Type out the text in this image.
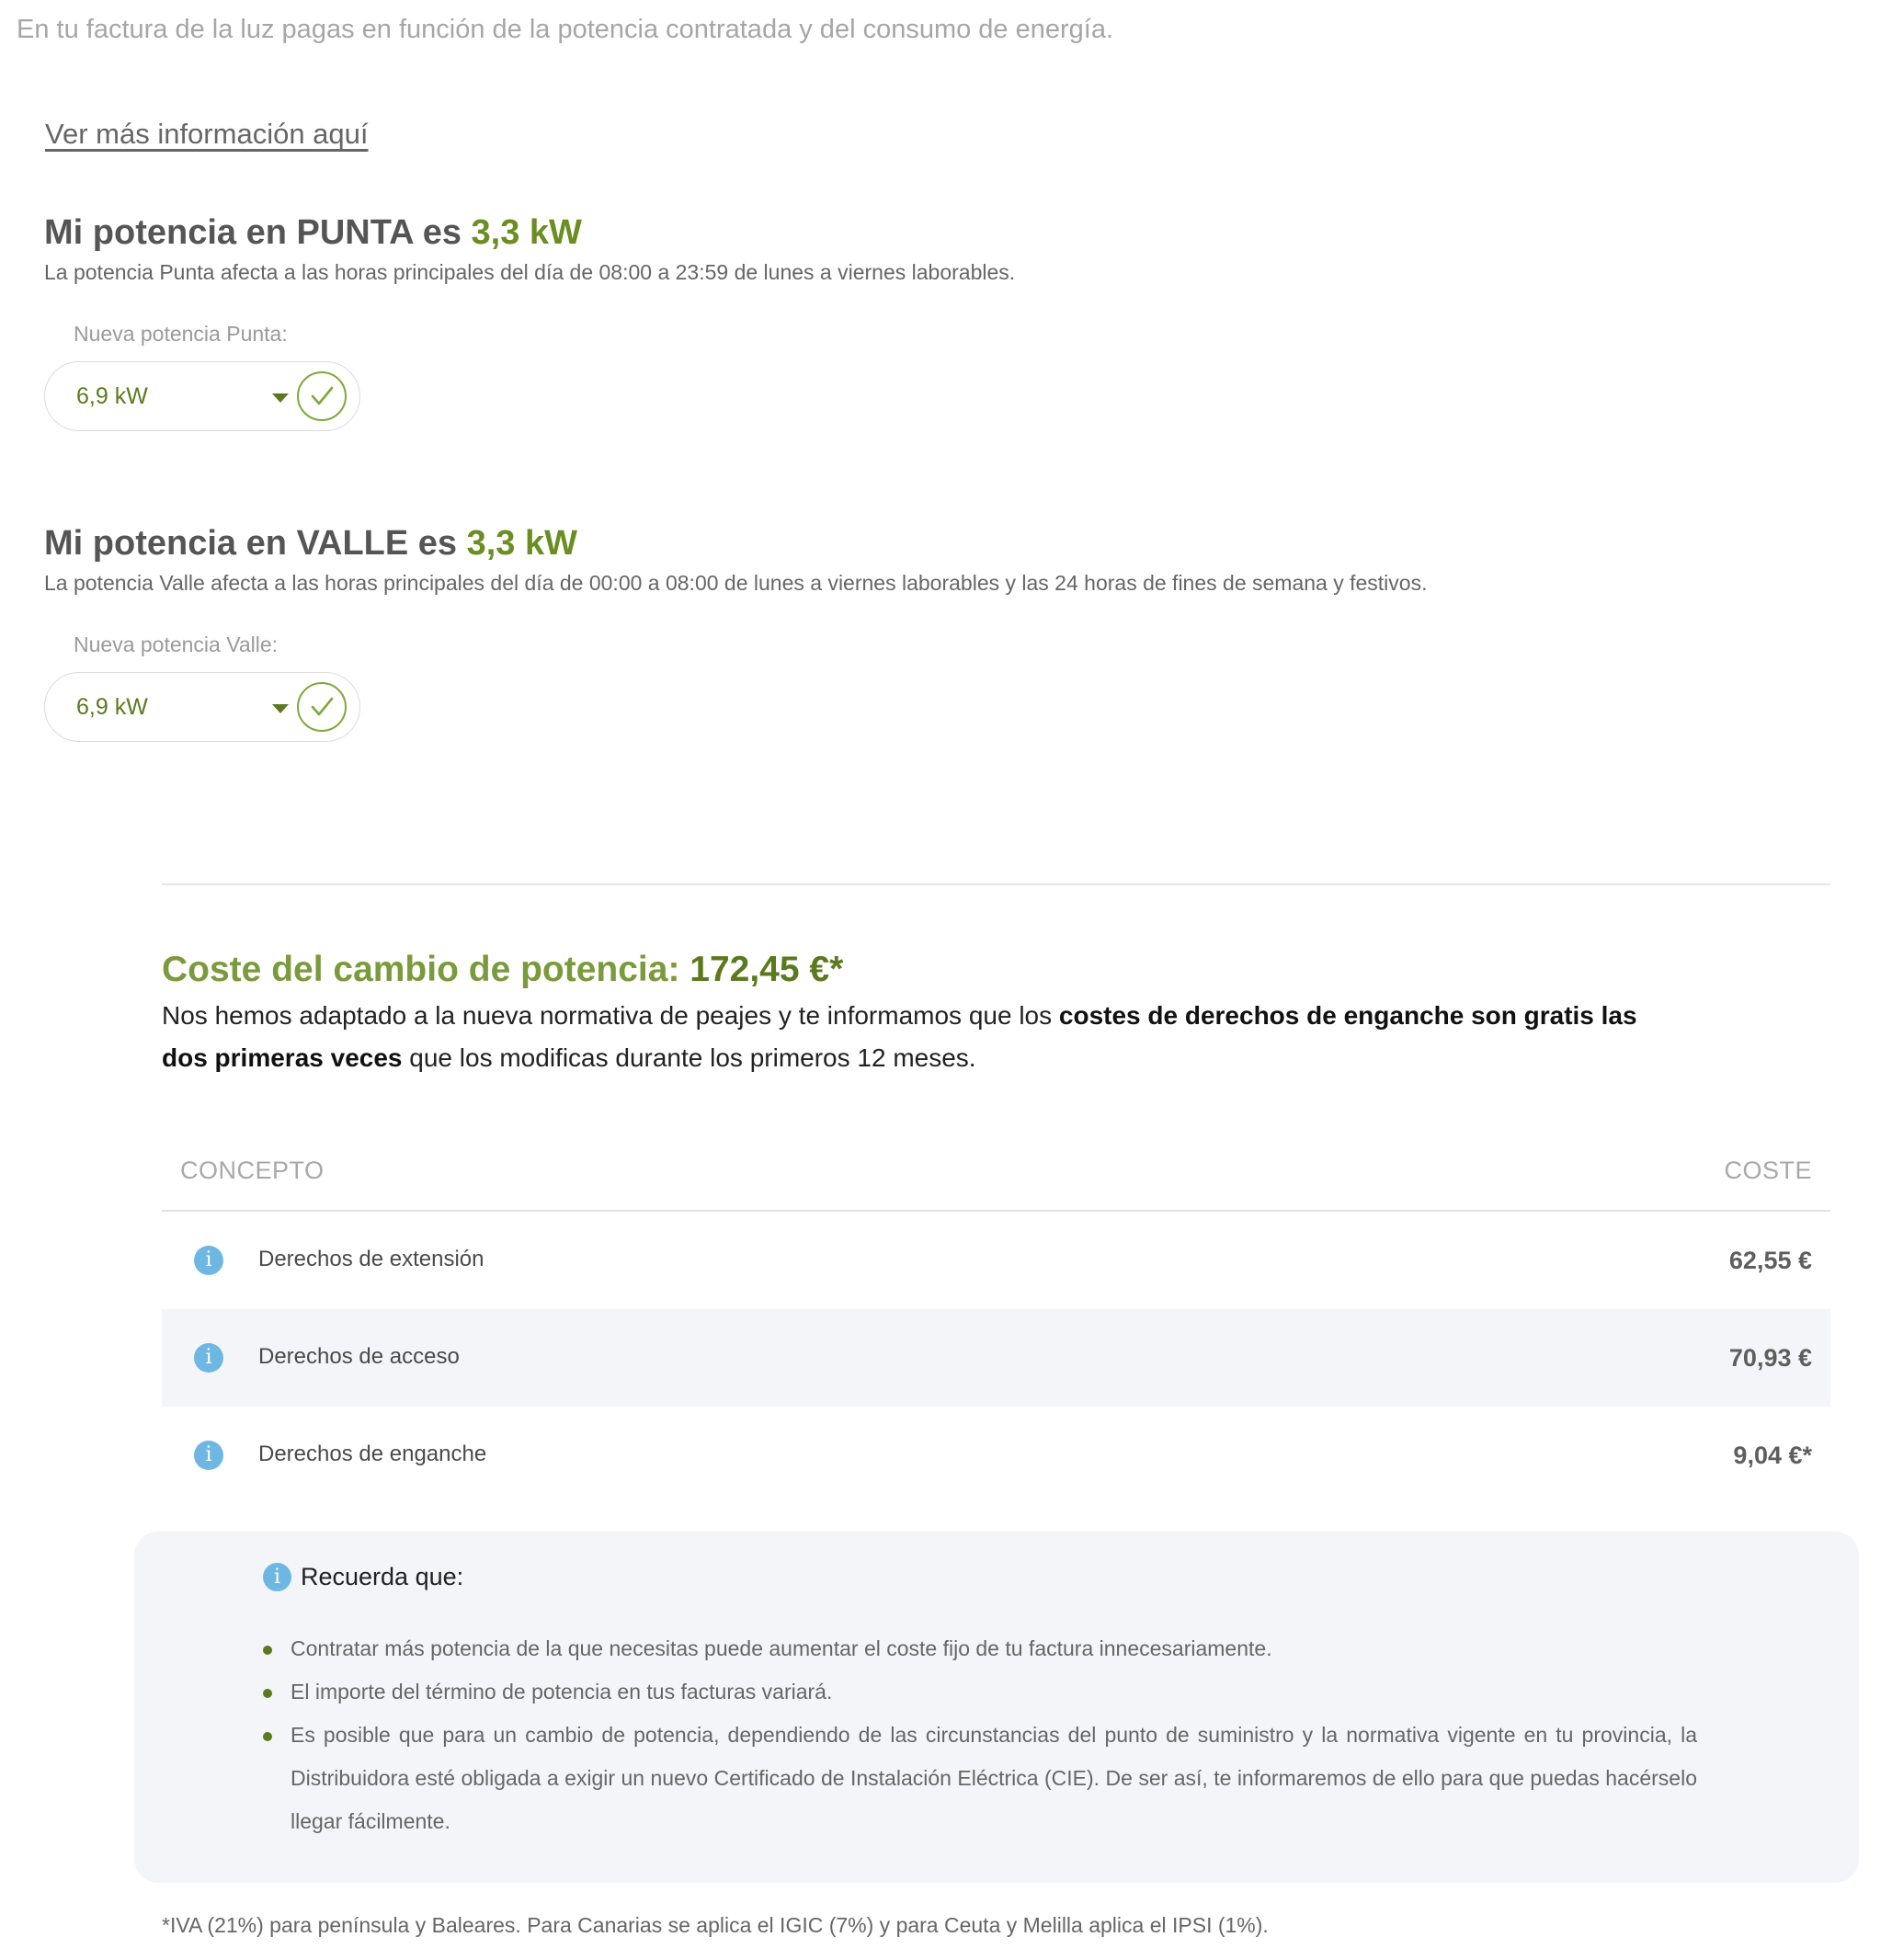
En tu factura de la luz pagas en función de la potencia contratada y del consumo de energía.

Ver más información aquí
Mi potencia en PUNTA es 3,3 kW

La potencia Punta afecta a las horas principales del día de 08:00 a 23:59 de lunes a viernes laborables.

Nueva potencia Punta:

6,9 kW
Mi potencia en VALLE es 3,3 kW

La potencia Valle afecta a las horas principales del día de 00:00 a 08:00 de lunes a viernes laborables y las 24 horas de fines de semana y festivos.

Nueva potencia Valle:

6,9 kW
Coste del cambio de potencia: 172,45 €*

Nos hemos adaptado a la nueva normativa de peajes y te informamos que los costes de derechos de enganche son gratis las dos primeras veces que los modificas durante los primeros 12 meses.

CONCEPTO	COSTE
i	Derechos de extensión	62,55 €
i	Derechos de acceso	70,93 €
i	Derechos de enganche	9,04 €*
i Recuerda que:
Contratar más potencia de la que necesitas puede aumentar el coste fijo de tu factura innecesariamente.
El importe del término de potencia en tus facturas variará.
Es posible que para un cambio de potencia, dependiendo de las circunstancias del punto de suministro y la normativa vigente en tu provincia, la Distribuidora esté obligada a exigir un nuevo Certificado de Instalación Eléctrica (CIE). De ser así, te informaremos de ello para que puedas hacérselo llegar fácilmente.

*IVA (21%) para península y Baleares. Para Canarias se aplica el IGIC (7%) y para Ceuta y Melilla aplica el IPSI (1%).
